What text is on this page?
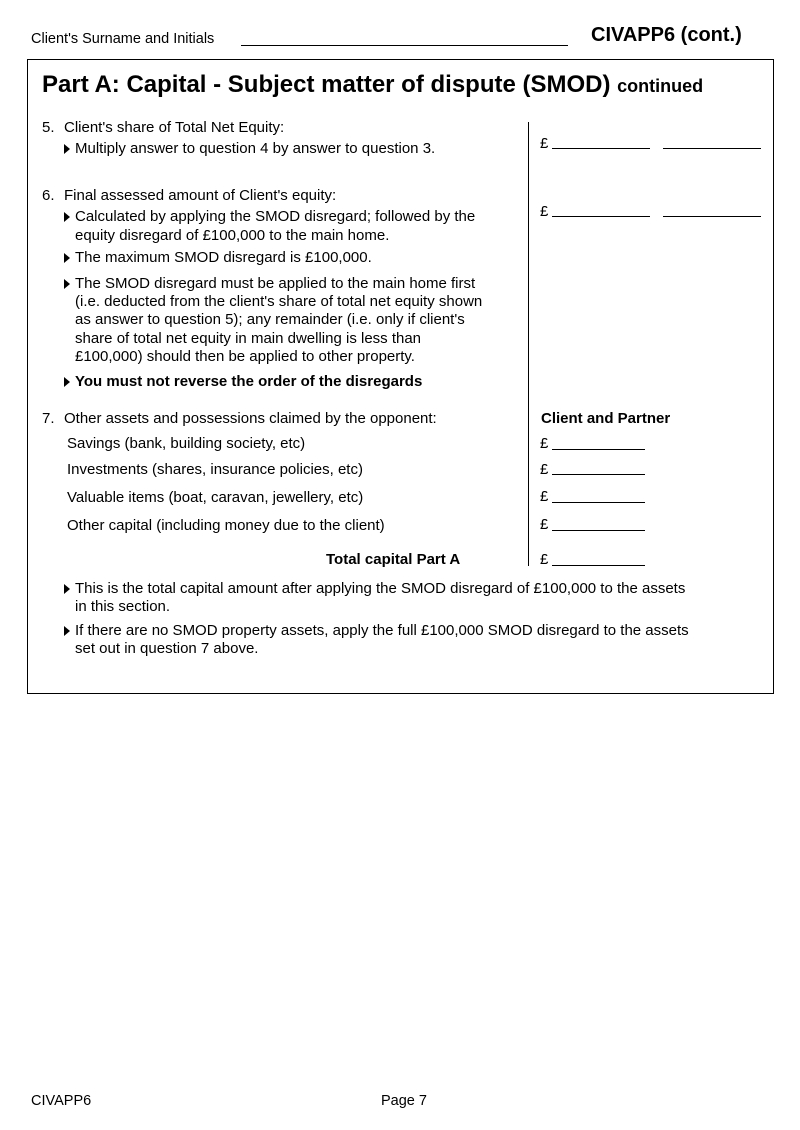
Client's Surname and Initials	CIVAPP6 (cont.)
Part A: Capital - Subject matter of dispute (SMOD) continued
5. Client's share of Total Net Equity:
Multiply answer to question 4 by answer to question 3.	£
6. Final assessed amount of Client's equity:
Calculated by applying the SMOD disregard; followed by the
equity disregard of £100,000 to the main home.
£
The maximum SMOD disregard is £100,000.
The SMOD disregard must be applied to the main home first
(i.e. deducted from the client's share of total net equity shown
as answer to question 5); any remainder (i.e. only if client's
share of total net equity in main dwelling is less than
£100,000) should then be applied to other property.
You must not reverse the order of the disregards
7. Other assets and possessions claimed by the opponent:	Client and Partner
Savings (bank, building society, etc)	£
Investments (shares, insurance policies, etc)	£
Valuable items (boat, caravan, jewellery, etc)	£
Other capital (including money due to the client)	£
Total capital Part A	£
This is the total capital amount after applying the SMOD disregard of £100,000 to the assets
in this section.
If there are no SMOD property assets, apply the full £100,000 SMOD disregard to the assets
set out in question 7 above.
CIVAPP6	Page 7
